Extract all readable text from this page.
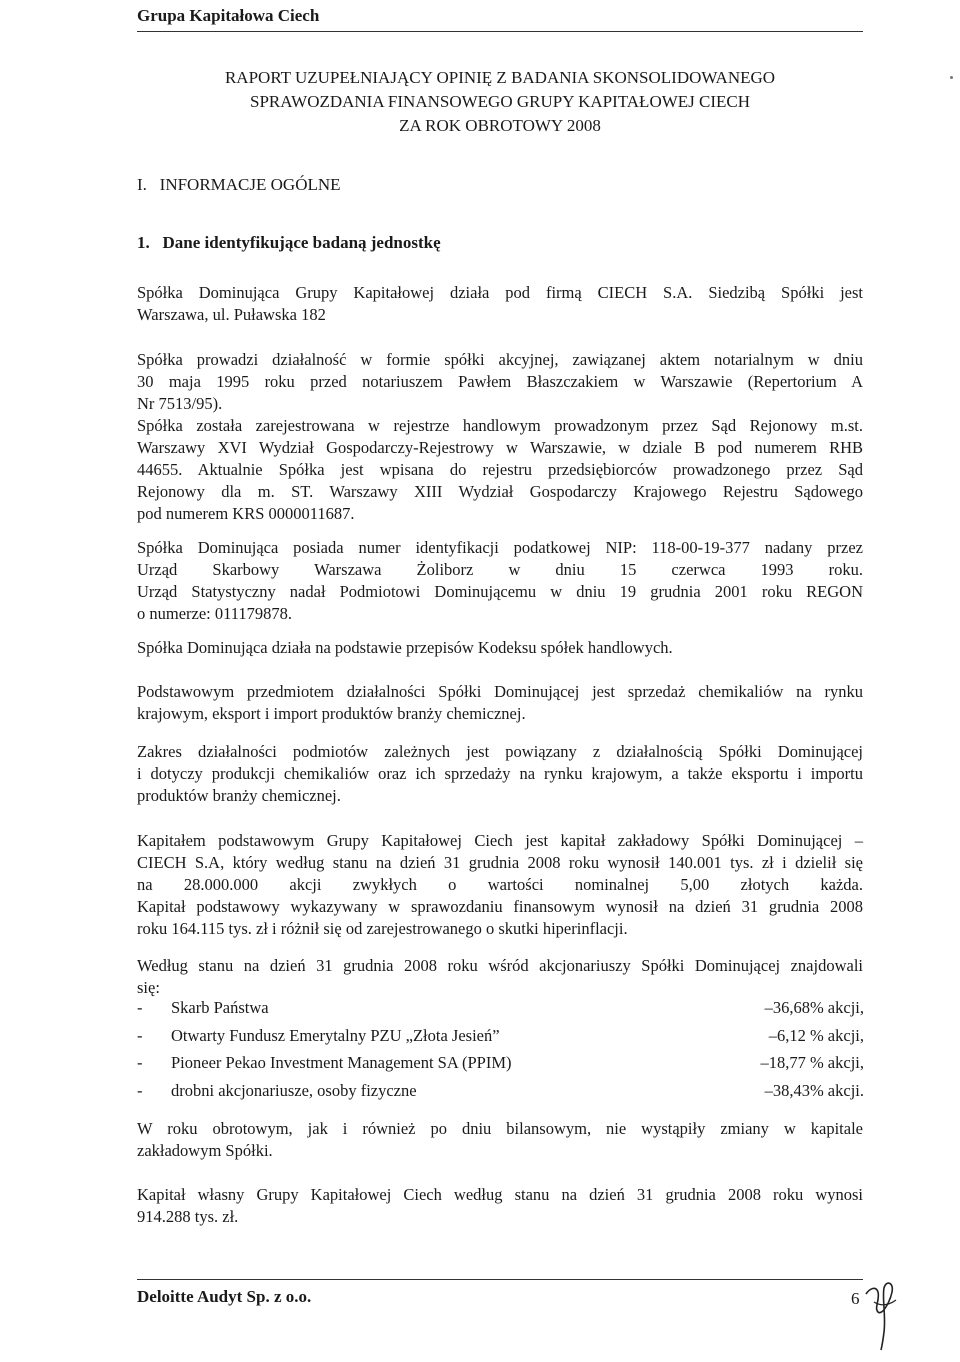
Grupa Kapitałowa Ciech
RAPORT UZUPEŁNIAJĄCY OPINIĘ Z BADANIA SKONSOLIDOWANEGO
SPRAWOZDANIA FINANSOWEGO GRUPY KAPITAŁOWEJ CIECH
ZA ROK OBROTOWY 2008
I.   INFORMACJE OGÓLNE
1.   Dane identyfikujące badaną jednostkę
Spółka Dominująca Grupy Kapitałowej działa pod firmą CIECH S.A. Siedzibą Spółki jest
Warszawa, ul. Puławska 182
Spółka prowadzi działalność w formie spółki akcyjnej, zawiązanej aktem notarialnym w dniu
30 maja 1995 roku przed notariuszem Pawłem Błaszczakiem w Warszawie (Repertorium A
Nr 7513/95).
Spółka została zarejestrowana w rejestrze handlowym prowadzonym przez Sąd Rejonowy m.st.
Warszawy XVI Wydział Gospodarczy-Rejestrowy w Warszawie, w dziale B pod numerem RHB
44655. Aktualnie Spółka jest wpisana do rejestru przedsiębiorców prowadzonego przez Sąd
Rejonowy dla m. ST. Warszawy XIII Wydział Gospodarczy Krajowego Rejestru Sądowego
pod numerem KRS 0000011687.
Spółka Dominująca posiada numer identyfikacji podatkowej NIP: 118-00-19-377 nadany przez
Urząd Skarbowy Warszawa Żoliborz w dniu 15 czerwca 1993 roku.
Urząd Statystyczny nadał Podmiotowi Dominującemu w dniu 19 grudnia 2001 roku REGON
o numerze: 011179878.
Spółka Dominująca działa na podstawie przepisów Kodeksu spółek handlowych.
Podstawowym przedmiotem działalności Spółki Dominującej jest sprzedaż chemikaliów na rynku
krajowym, eksport i import produktów branży chemicznej.
Zakres działalności podmiotów zależnych jest powiązany z działalnością Spółki Dominującej
i dotyczy produkcji chemikaliów oraz ich sprzedaży na rynku krajowym, a także eksportu i importu
produktów branży chemicznej.
Kapitałem podstawowym Grupy Kapitałowej Ciech jest kapitał zakładowy Spółki Dominującej –
CIECH S.A, który według stanu na dzień 31 grudnia 2008 roku wynosił 140.001 tys. zł i dzielił się
na 28.000.000 akcji zwykłych o wartości nominalnej 5,00 złotych każda.
Kapitał podstawowy wykazywany w sprawozdaniu finansowym wynosił na dzień 31 grudnia 2008
roku 164.115 tys. zł i różnił się od zarejestrowanego o skutki hiperinflacji.
Według stanu na dzień 31 grudnia 2008 roku wśród akcjonariuszy Spółki Dominującej znajdowali
się:
W roku obrotowym, jak i również po dniu bilansowym, nie wystąpiły zmiany w kapitale
zakładowym Spółki.
Kapitał własny Grupy Kapitałowej Ciech według stanu na dzień 31 grudnia 2008 roku wynosi
914.288 tys. zł.
- Skarb Państwa	–36,68% akcji,
- Otwarty Fundusz Emerytalny PZU „Złota Jesień”	–6,12 % akcji,
- Pioneer Pekao Investment Management SA (PPIM)	–18,77 % akcji,
- drobni akcjonariusze, osoby fizyczne	–38,43% akcji.
Deloitte Audyt Sp. z o.o.	6
